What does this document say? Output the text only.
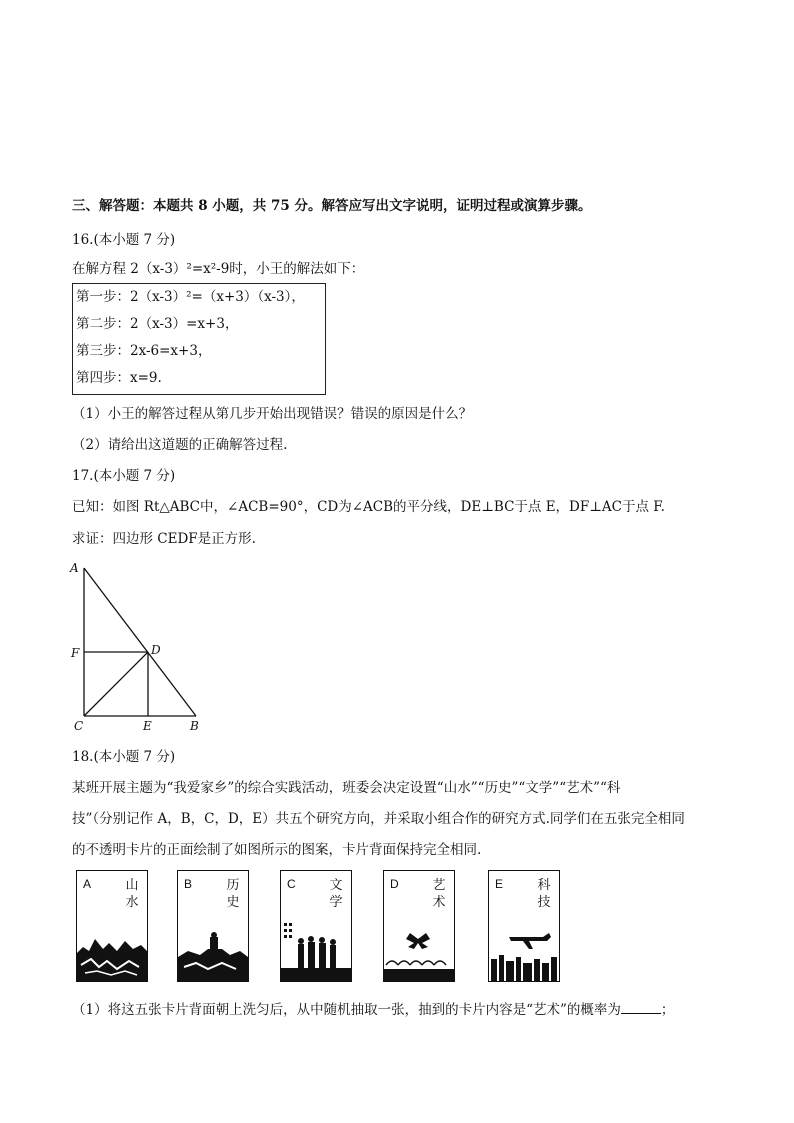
三、解答题：本题共 8 小题，共 75 分。解答应写出文字说明，证明过程或演算步骤。
16.(本小题 7 分)
在解方程 2（x-3）²=x²-9时，小王的解法如下：
第一步：2（x-3）²=（x+3）（x-3），
第二步：2（x-3）=x+3，
第三步：2x-6=x+3，
第四步：x=9.
（1）小王的解答过程从第几步开始出现错误？错误的原因是什么？
（2）请给出这道题的正确解答过程.
17.(本小题 7 分)
已知：如图 Rt△ABC中，∠ACB=90°，CD为∠ACB的平分线，DE⊥BC于点 E，DF⊥AC于点 F.
求证：四边形 CEDF是正方形.
A
F	D
C	E	B
18.(本小题 7 分)
某班开展主题为“我爱家乡”的综合实践活动，班委会决定设置“山水”“历史”“文学”“艺术”“科
技”（分别记作 A，B，C，D，E）共五个研究方向，并采取小组合作的研究方式.同学们在五张完全相同
的不透明卡片的正面绘制了如图所示的图案，卡片背面保持完全相同.
A	山水
B	历史
C	文学
D	艺术
E	科技
（1）将这五张卡片背面朝上洗匀后，从中随机抽取一张，抽到的卡片内容是“艺术”的概率为	；
